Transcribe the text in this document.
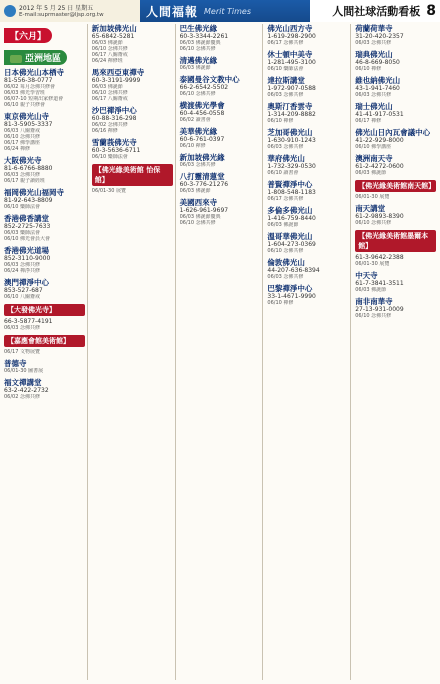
2012 年 5 月 25 日 星期五
E-mail:suprmaster@ljsp.org.tw	人間福報 Merit Times	人間社球活動看板 8
【六月】
亞洲地區
日本佛光山本栖寺
81-556-38-0777
06/02 每月念佛共修會
06/03 佛光學習班
06/07-10 短期出家修道會
06/10 親子共修會
東京佛光山寺
81-3-5905-3337
06/03 八關齋戒
06/10 念佛共修
06/17 佛學講座
06/24 禪修
大阪佛光寺
81-6-6766-8880
06/03 念佛共修
06/17 親子讀經班
福岡佛光山福岡寺
81-92-643-8809
06/10 藥師法會
香港佛香講堂
852-2725-7633
06/03 藥師法會
06/10 佛光會員大會
香港佛光道場
852-3110-9000
06/03 念佛共修
06/24 禪淨共修
澳門禪淨中心
853-527-687
06/10 八關齋戒
【大發佛光寺】
66-3-5877-4191
06/03 念佛共修
【嘉應會館美術館】
06/17 文物展覽
普德寺
06/01-30 圖書展
福文禪講堂
63-2-422-2732
06/02 念佛共修
新加坡佛光山
65-6842-5281
06/03 佛誕節
06/10 念佛共修
06/17 八關齋戒
06/24 禪修班
馬來西亞東禪寺
60-3-3191-9999
06/03 佛誕節
06/10 念佛共修
06/17 八關齋戒
沙巴禪淨中心
60-88-316-298
06/02 念佛共修
06/16 禪修
雪蘭莪佛光寺
60-3-5636-6711
06/10 藥師法會
【佛光緣美術館 怡保館】
06/01-30 展覽
巴生佛光緣
60-3-3344-2261
06/03 佛誕節慶典
06/10 念佛共修
清邁佛光緣
06/03 佛誕節
泰國曼谷文教中心
66-2-6542-5502
06/10 念佛共修
横渡佛光學會
60-4-456-0558
06/02 讀書會
美華佛光緣
60-6-761-0397
06/10 禪修
新加坡佛光緣
06/03 念佛共修
八打靈清蓮堂
60-3-776-21276
06/03 佛誕節
美國西來寺
1-626-961-9697
06/03 佛誕節慶典
06/10 念佛共修
佛光山西方寺
1-619-298-2900
06/17 念佛共修
休士頓中美寺
1-281-495-3100
06/10 藥師法會
達拉斯講堂
1-972-907-0588
06/03 念佛共修
奧斯汀香雲寺
1-314-209-8882
06/10 禪修
芝加哥佛光山
1-630-910-1243
06/03 念佛共修
華府佛光山
1-732-329-0530
06/10 讀書會
普賢禪淨中心
1-808-548-1183
06/17 念佛共修
多倫多佛光山
1-416-759-8440
06/03 佛誕節
溫哥華佛光山
1-604-273-0369
06/10 念佛共修
倫敦佛光山
44-207-636-8394
06/03 念佛共修
巴黎禪淨中心
33-1-4671-9990
06/10 禪修
荷蘭荷華寺
31-20-420-2357
06/03 念佛共修
瑞典佛光山
46-8-669-8050
06/10 禪修
維也納佛光山
43-1-941-7460
06/03 念佛共修
瑞士佛光山
41-41-917-0531
06/17 禪修
佛光山日內瓦會議中心
41-22-929-8000
06/10 佛學講座
澳洲南天寺
61-2-4272-0600
06/03 佛誕節
【佛光緣美術館南天館】
06/01-30 展覽
南天講堂
61-2-9893-8390
06/10 念佛共修
【佛光緣美術館墨爾本館】
61-3-9642-2388
06/01-30 展覽
中天寺
61-7-3841-3511
06/03 佛誕節
南非南華寺
27-13-931-0009
06/10 念佛共修
